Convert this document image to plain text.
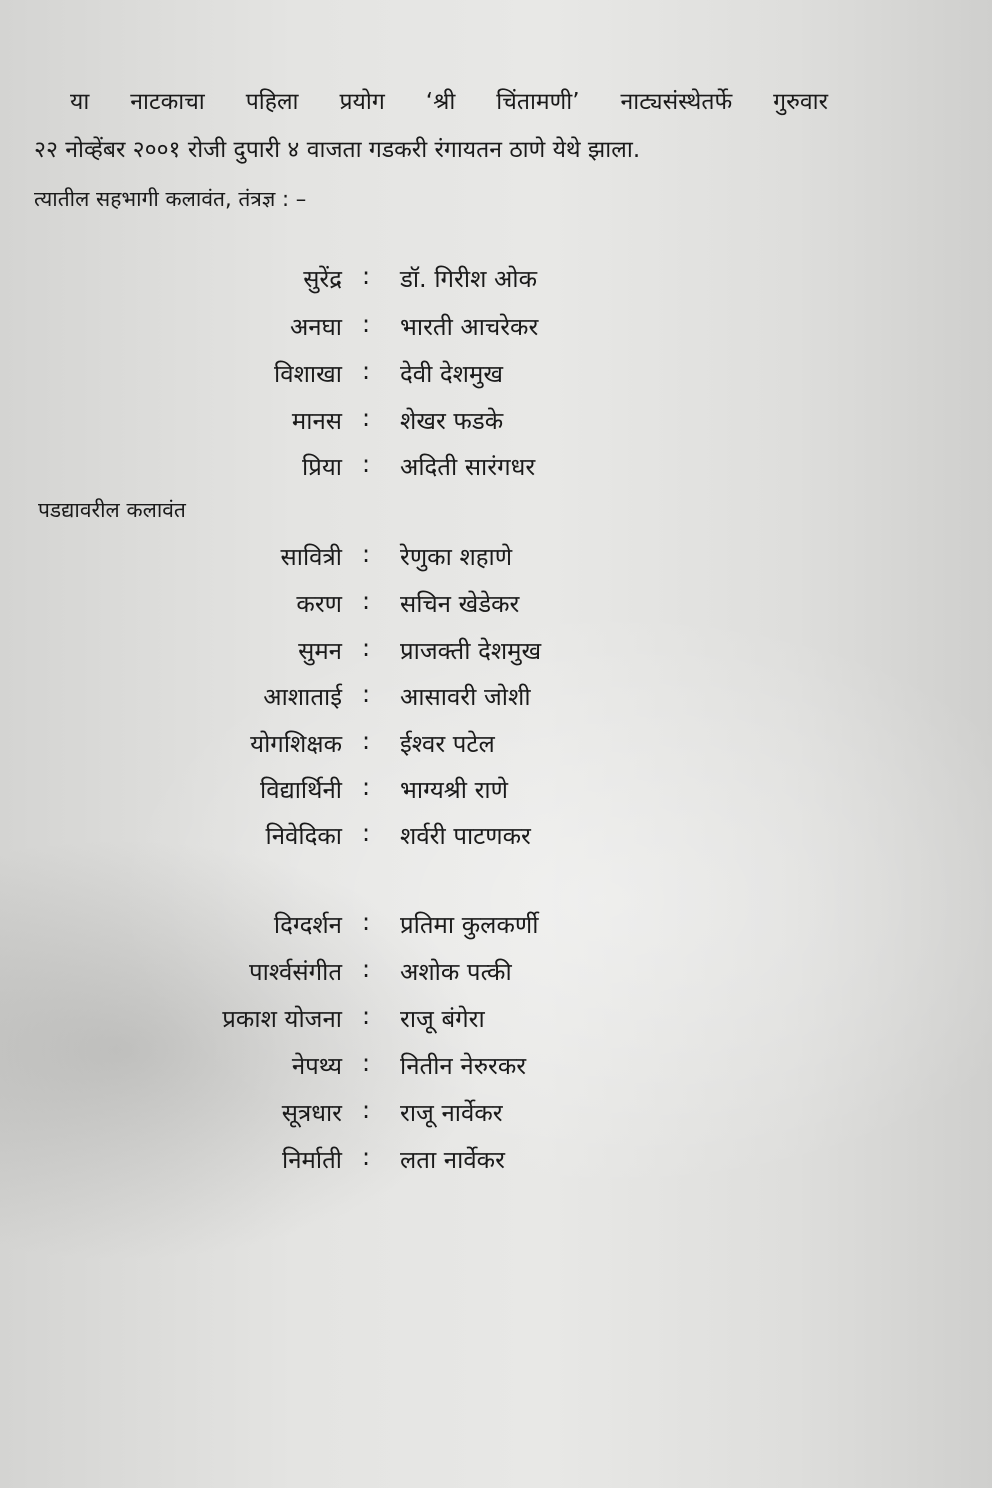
या नाटकाचा पहिला प्रयोग ‘श्री चिंतामणी’ नाट्यसंस्थेतर्फे गुरुवार
२२ नोव्हेंबर २००१ रोजी दुपारी ४ वाजता गडकरी रंगायतन ठाणे येथे झाला.
त्यातील सहभागी कलावंत, तंत्रज्ञ : –
सुरेंद्र : डॉ. गिरीश ओक
अनघा : भारती आचरेकर
विशाखा : देवी देशमुख
मानस : शेखर फडके
प्रिया : अदिती सारंगधर
पडद्यावरील कलावंत
सावित्री : रेणुका शहाणे
करण : सचिन खेडेकर
सुमन : प्राजक्ती देशमुख
आशाताई : आसावरी जोशी
योगशिक्षक : ईश्वर पटेल
विद्यार्थिनी : भाग्यश्री राणे
निवेदिका : शर्वरी पाटणकर
दिग्दर्शन : प्रतिमा कुलकर्णी
पार्श्वसंगीत : अशोक पत्की
प्रकाश योजना : राजू बंगेरा
नेपथ्य : नितीन नेरुरकर
सूत्रधार : राजू नार्वेकर
निर्माती : लता नार्वेकर
